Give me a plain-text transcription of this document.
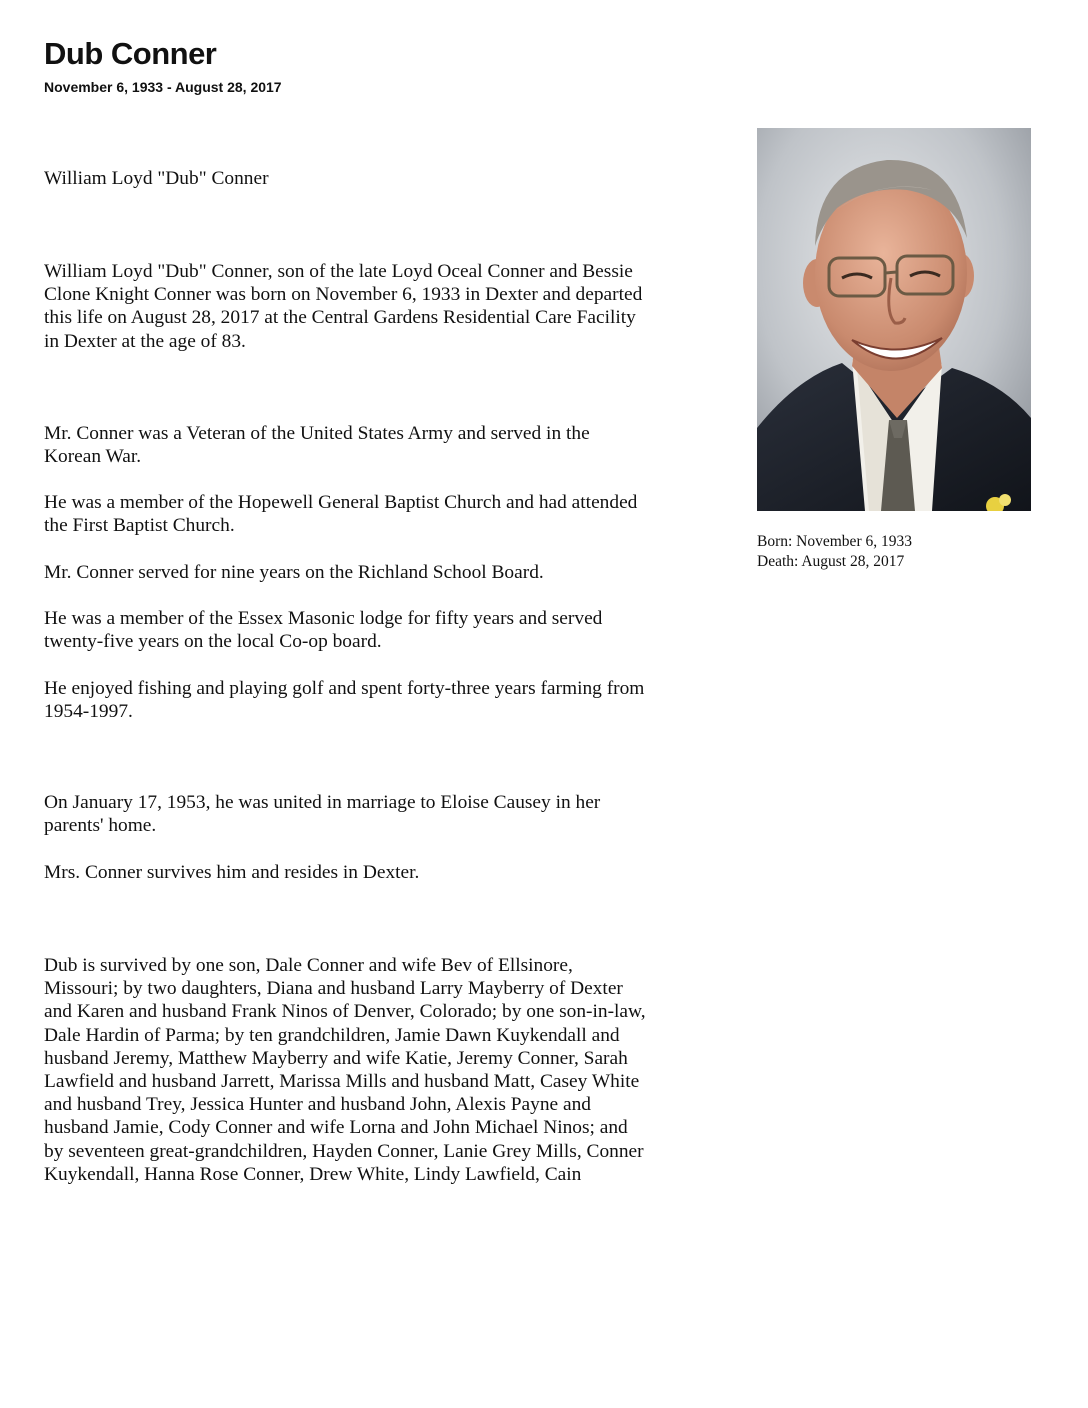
Dub Conner

November 6, 1933 - August 28, 2017

William Loyd "Dub" Conner

William Loyd "Dub" Conner, son of the late Loyd Oceal Conner and Bessie
Clone Knight Conner was born on November 6, 1933 in Dexter and departed
this life on August 28, 2017 at the Central Gardens Residential Care Facility
in Dexter at the age of 83.

Mr. Conner was a Veteran of the United States Army and served in the
Korean War.

He was a member of the Hopewell General Baptist Church and had attended
the First Baptist Church.

Mr. Conner served for nine years on the Richland School Board.

He was a member of the Essex Masonic lodge for fifty years and served
twenty-five years on the local Co-op board.

He enjoyed fishing and playing golf and spent forty-three years farming from
1954-1997.

On January 17, 1953, he was united in marriage to Eloise Causey in her
parents' home.

Mrs. Conner survives him and resides in Dexter.

Dub is survived by one son, Dale Conner and wife Bev of Ellsinore,
Missouri; by two daughters, Diana and husband Larry Mayberry of Dexter
and Karen and husband Frank Ninos of Denver, Colorado; by one son-in-law,
Dale Hardin of Parma; by ten grandchildren, Jamie Dawn Kuykendall and
husband Jeremy, Matthew Mayberry and wife Katie, Jeremy Conner, Sarah
Lawfield and husband Jarrett, Marissa Mills and husband Matt, Casey White
and husband Trey, Jessica Hunter and husband John, Alexis Payne and
husband Jamie, Cody Conner and wife Lorna and John Michael Ninos; and
by seventeen great-grandchildren, Hayden Conner, Lanie Grey Mills, Conner
Kuykendall, Hanna Rose Conner, Drew White, Lindy Lawfield, Cain

Born: November 6, 1933
Death: August 28, 2017
